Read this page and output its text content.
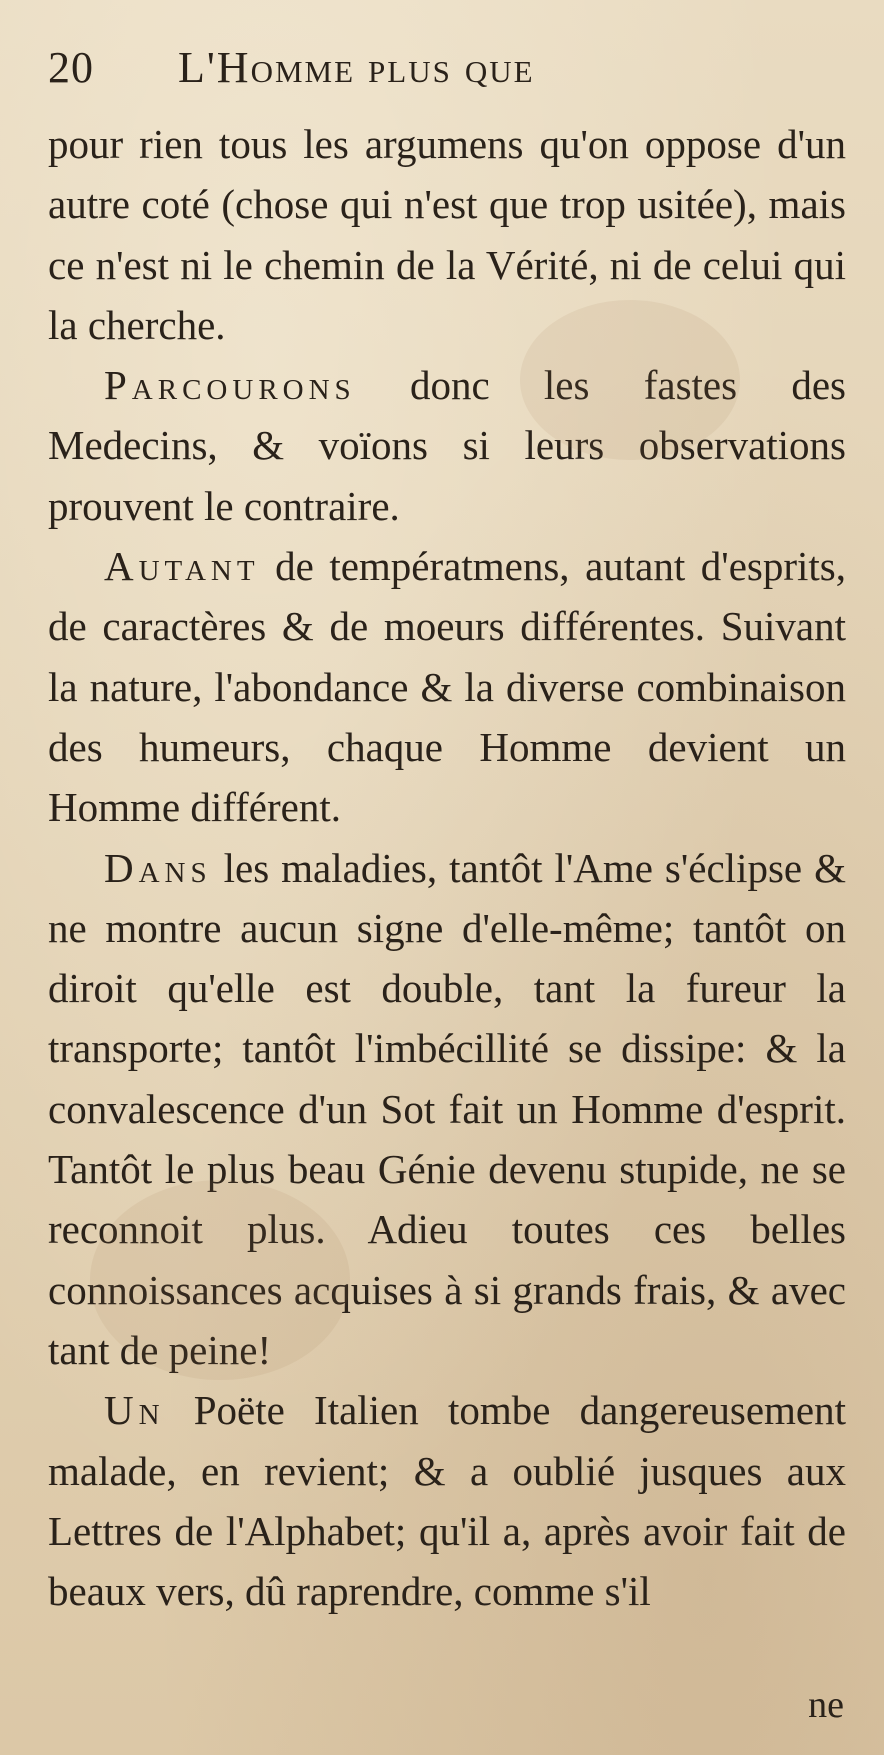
20	L'Homme plus que

pour rien tous les argumens qu'on oppose d'un autre coté (chose qui n'est que trop usitée), mais ce n'est ni le chemin de la Vérité, ni de celui qui la cherche.

Parcourons donc les fastes des Medecins, & voïons si leurs observations prouvent le contraire.

Autant de températmens, autant d'esprits, de caractères & de moeurs différentes. Suivant la nature, l'abondance & la diverse combinaison des humeurs, chaque Homme devient un Homme différent.

Dans les maladies, tantôt l'Ame s'éclipse & ne montre aucun signe d'elle-même; tantôt on diroit qu'elle est double, tant la fureur la transporte; tantôt l'imbécillité se dissipe: & la convalescence d'un Sot fait un Homme d'esprit. Tantôt le plus beau Génie devenu stupide, ne se reconnoit plus. Adieu toutes ces belles connoissances acquises à si grands frais, & avec tant de peine!

Un Poëte Italien tombe dangereusement malade, en revient; & a oublié jusques aux Lettres de l'Alphabet; qu'il a, après avoir fait de beaux vers, dû raprendre, comme s'il

ne
